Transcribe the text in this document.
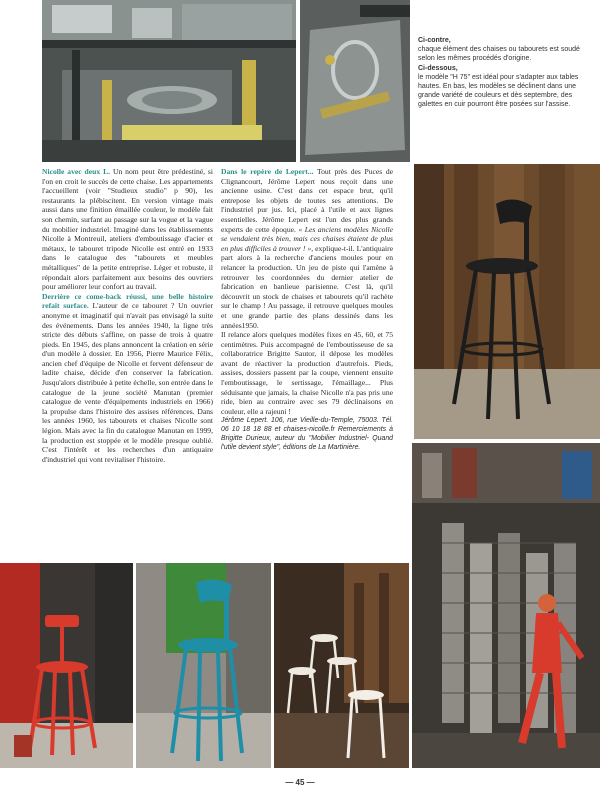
Ci-contre,
chaque élément des chaises ou tabourets est soudé selon les mêmes procédés d'origine.
Ci-dessous,
le modèle "H 75" est idéal pour s'adapter aux tables hautes. En bas, les modèles se déclinent dans une grande variété de couleurs et dès septembre, des galettes en cuir pourront être posées sur l'assise.

Nicolle avec deux L. Un nom peut être prédestiné, si l'on en croit le succès de cette chaise. Les appartements l'accueillent (voir "Studieux studio" p 90), les restaurants la plébiscitent. En version vintage mais aussi dans une finition émaillée couleur, le modèle fait son chemin, surfant au passage sur la vogue et la vague du mobilier industriel. Imaginé dans les établissements Nicolle à Montreuil, ateliers d'emboutissage d'acier et métaux, le tabouret tripode Nicolle est entré en 1933 dans le catalogue des "tabourets et meubles métalliques" de la petite entreprise. Léger et robuste, il répondait alors parfaitement aux besoins des ouvriers pour améliorer leur confort au travail.

Derrière ce come-back réussi, une belle histoire refait surface. L'auteur de ce tabouret ? Un ouvrier anonyme et imaginatif qui n'avait pas envisagé la suite des événements. Dans les années 1940, la ligne très stricte des débuts s'affine, on passe de trois à quatre pieds. En 1945, des plans annoncent la création en série d'un modèle à dossier. En 1956, Pierre Maurice Félix, ancien chef d'équipe de Nicolle et fervent défenseur de ladite chaise, décide d'en conserver la fabrication. Jusqu'alors distribuée à petite échelle, son entrée dans le catalogue de la jeune société Manutan (premier catalogue de vente d'équipements industriels en 1966) la propulse dans l'histoire des assises références. Dans les années 1960, les tabourets et chaises Nicolle sont légion. Mais avec la fin du catalogue Manutan en 1999, la production est stoppée et le modèle presque oublié. C'est l'intérêt et les recherches d'un antiquaire d'industriel qui vont revitaliser l'histoire.

Dans le repère de Lepert... Tout près des Puces de Clignancourt, Jérôme Lepert nous reçoit dans une ancienne usine. C'est dans cet espace brut, qu'il entrepose les objets de toutes ses attentions. De l'industriel pur jus. Ici, placé à l'utile et aux lignes essentielles. Jérôme Lepert est l'un des plus grands experts de cette époque. « Les anciens modèles Nicolle se vendaient très bien, mais ces chaises étaient de plus en plus difficiles à trouver ! », explique-t-il. L'antiquaire part alors à la recherche d'anciens moules pour en relancer la production. Un jeu de piste qui l'amène à retrouver les coordonnées du dernier atelier de fabrication en banlieue parisienne. C'est là, qu'il découvrit un stock de chaises et tabourets qu'il rachète sur le champ ! Au passage, il retrouve quelques moules et une grande partie des plans dessinés dans les années1950.

Il relance alors quelques modèles fixes en 45, 60, et 75 centimètres. Puis accompagné de l'emboutisseuse de sa collaboratrice Brigitte Sautor, il dépose les modèles avant de réactiver la production d'autrefois. Pieds, assises, dossiers passent par la coupe, viennent ensuite l'emboutissage, le sertissage, l'émaillage... Plus séduisante que jamais, la chaise Nicolle n'a pas pris une ride, bien au contraire avec ses 79 déclinaisons en couleur, elle a rajeuni !

Jérôme Lepert. 106, rue Vieille-du-Temple, 75003. Tél. 06 10 18 18 88 et chaises-nicolle.fr Remerciements à Brigitte Durieux, auteur du "Mobilier Industriel- Quand l'utile devient style", éditions de La Martinière.

— 45 —
